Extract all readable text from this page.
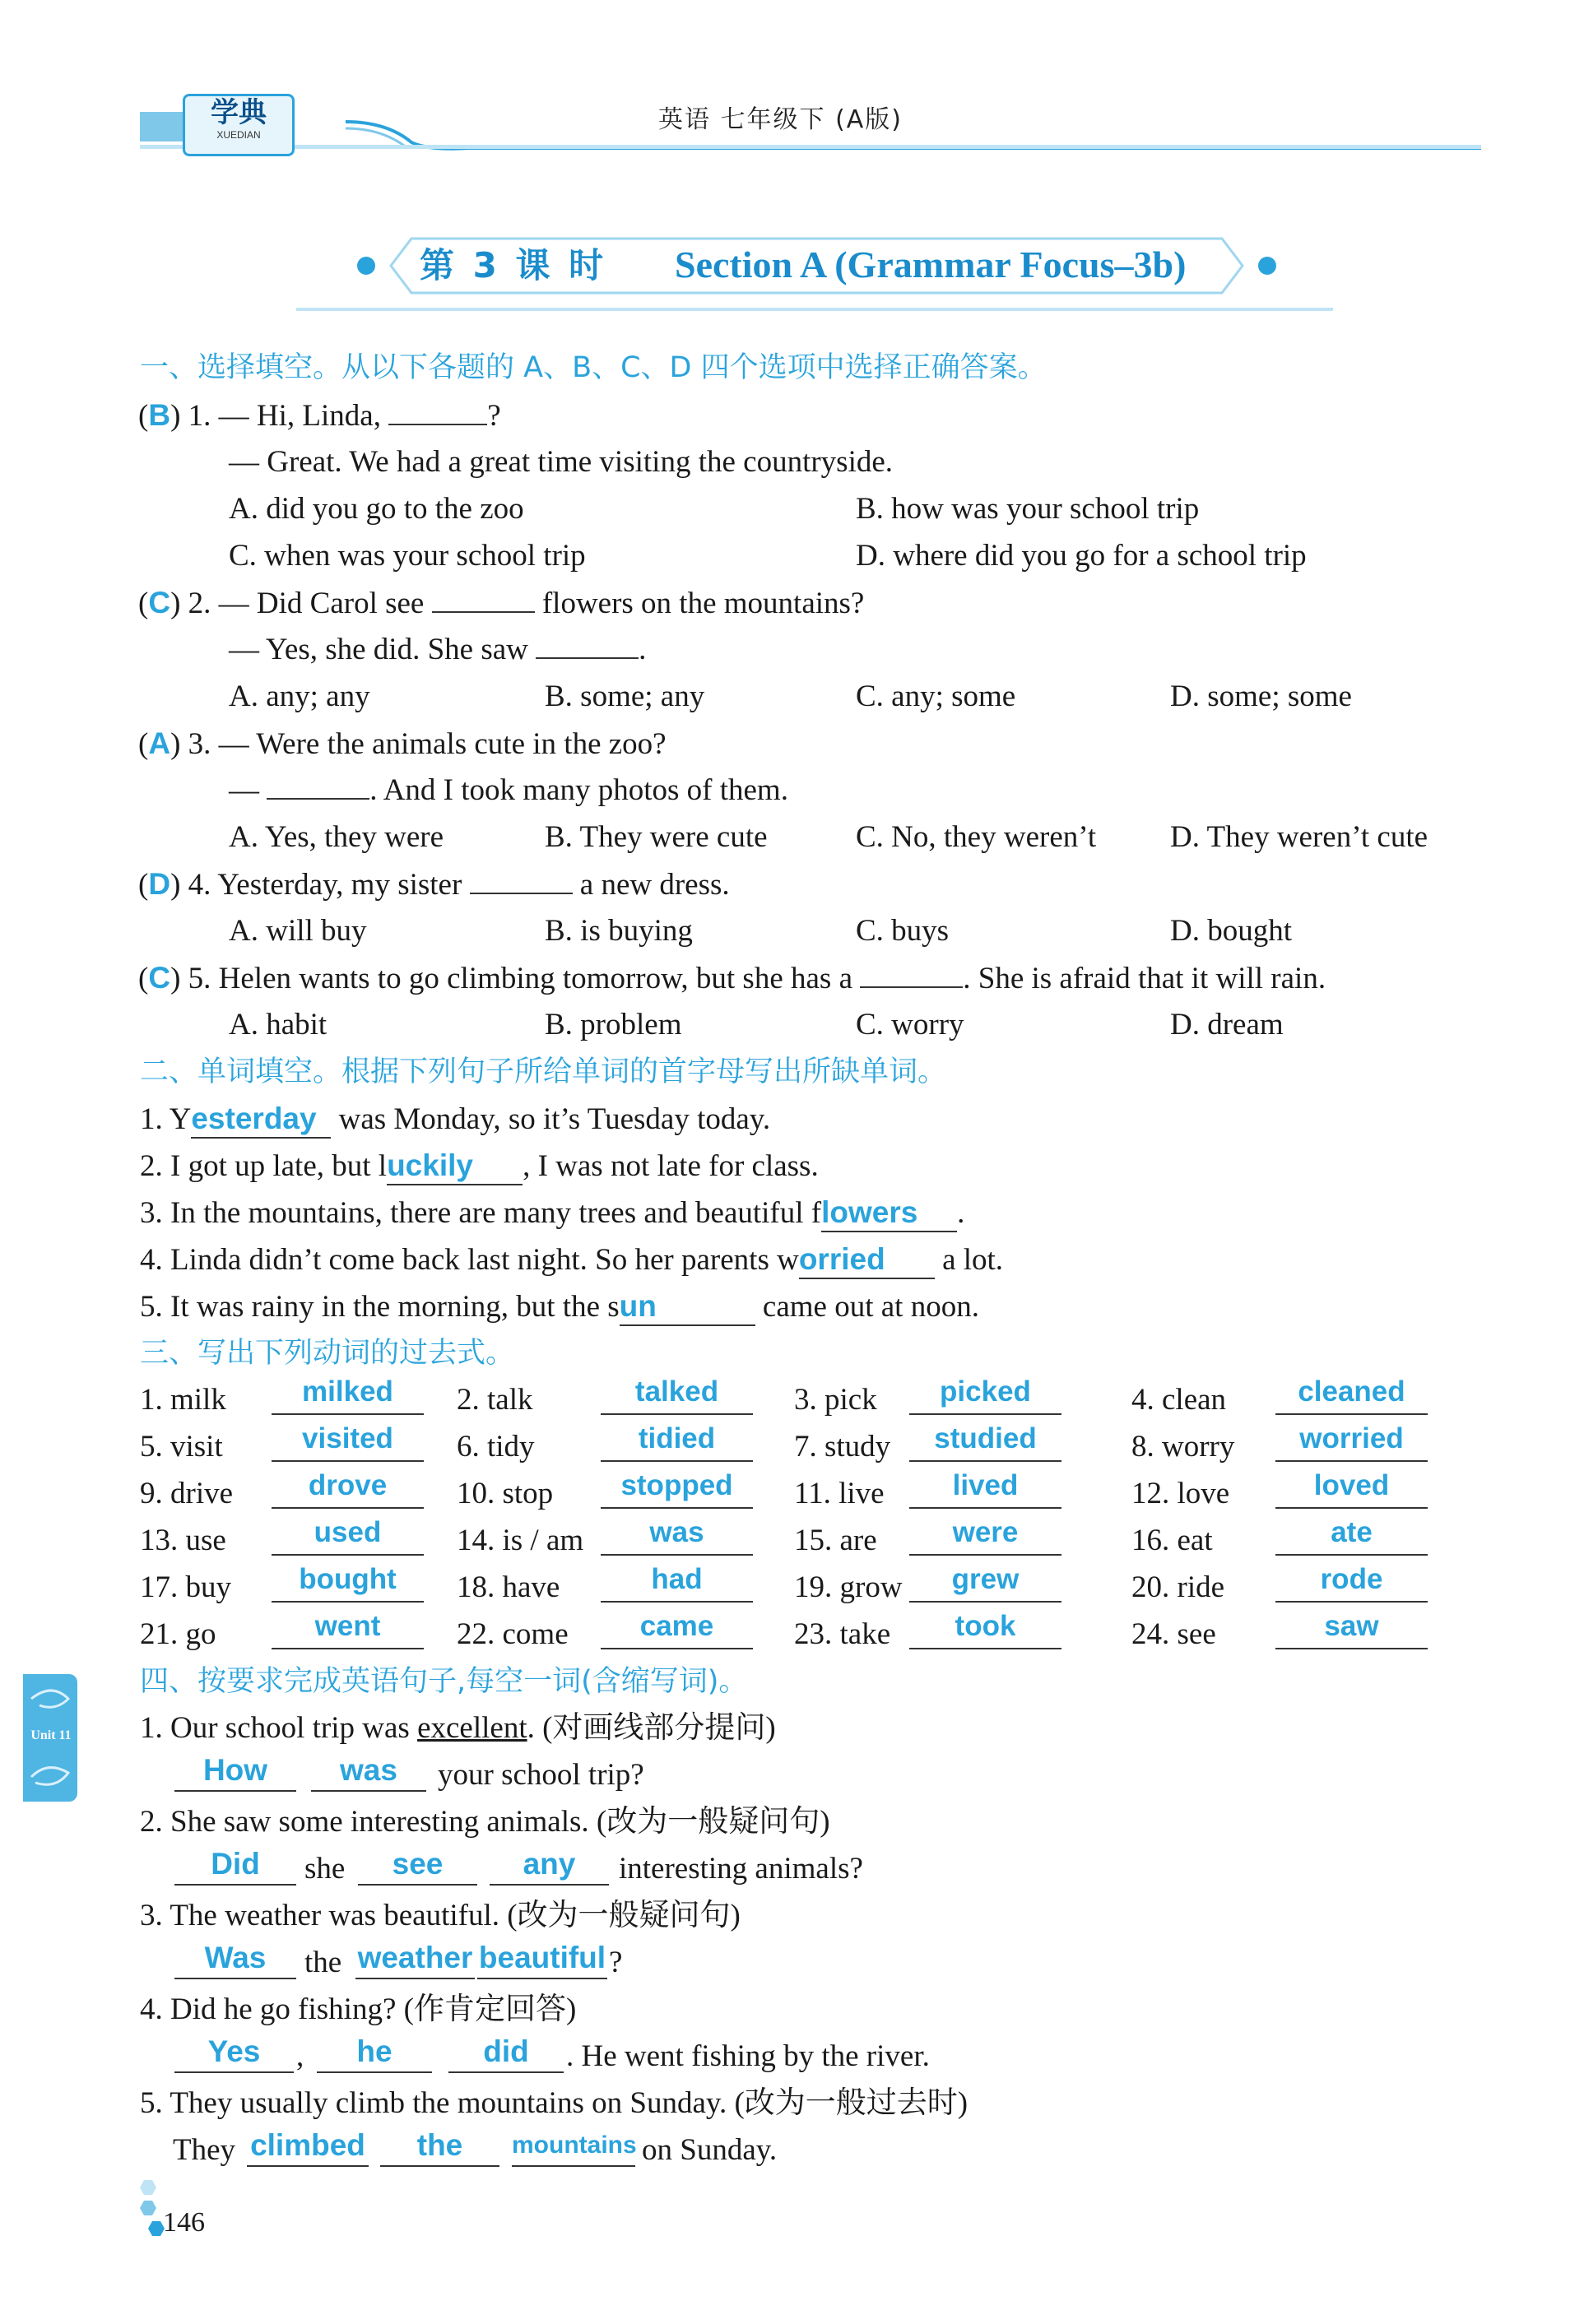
学典
XUEDIAN
英语 七年级下 (A版)
第 3 课 时 Section A (Grammar Focus–3b)
一、选择填空。从以下各题的 A、B、C、D 四个选项中选择正确答案。
(B) 1. — Hi, Linda,	?
— Great. We had a great time visiting the countryside.
A. did you go to the zoo	B. how was your school trip
C. when was your school trip	D. where did you go for a school trip
(C) 2. — Did Carol see	flowers on the mountains?
— Yes, she did. She saw	.
A. any; any	B. some; any	C. any; some	D. some; some
(A) 3. — Were the animals cute in the zoo?
—	. And I took many photos of them.
A. Yes, they were	B. They were cute	C. No, they weren’t D. They weren’t cute
(D) 4. Yesterday, my sister	a new dress.
A. will buy	B. is buying	C. buys	D. bought
(C) 5. Helen wants to go climbing tomorrow, but she has a	. She is afraid that it will rain.
A. habit	B. problem	C. worry	D. dream
二、单词填空。根据下列句子所给单词的首字母写出所缺单词。
1. Yesterday was Monday, so it’s Tuesday today.
2. I got up late, but luckily , I was not late for class.
3. In the mountains, there are many trees and beautiful flowers .
4. Linda didn’t come back last night. So her parents worried a lot.
5. It was rainy in the morning, but the sun	came out at noon.
三、写出下列动词的过去式。
1. milk	milked	2. talk	talked	3. pick	picked	4. clean	cleaned
5. visit	visited	6. tidy	tidied	7. study	studied	8. worry	worried
9. drive	drove	10. stop	stopped	11. live	lived	12. love	loved
13. use	used	14. is / am	was	15. are	were	16. eat	ate
17. buy	bought	18. have	had	19. grow	grew	20. ride	rode
21. go	went	22. come	came	23. take	took	24. see	saw
四、按要求完成英语句子,每空一词(含缩写词)。
1. Our school trip was excellent. (对画线部分提问)
How	was	your school trip?
2. She saw some interesting animals. (改为一般疑问句)
Did	she	see	any	interesting animals?
3. The weather was beautiful. (改为一般疑问句)
Was	the weather beautiful ?
4. Did he go fishing? (作肯定回答)
Yes	,	he	did	. He went fishing by the river.
5. They usually climb the mountains on Sunday. (改为一般过去时)
They climbed	the	mountains on Sunday.
Unit 11
146
